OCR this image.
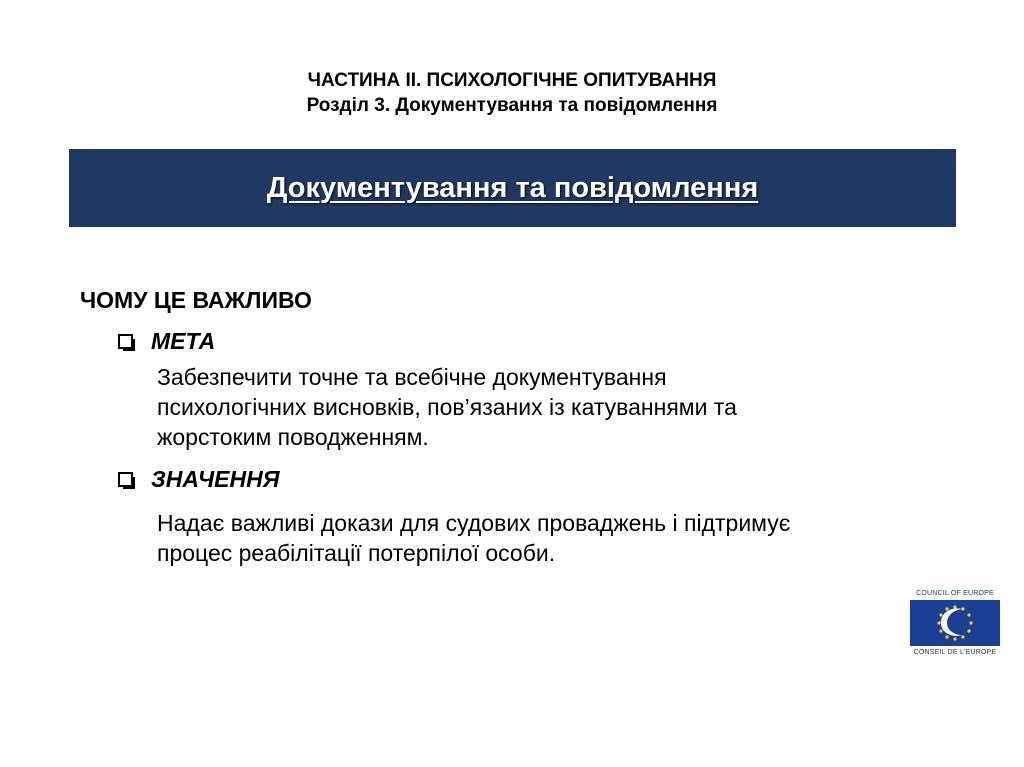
ЧАСТИНА ІІ. ПСИХОЛОГІЧНЕ ОПИТУВАННЯ
Розділ 3. Документування та повідомлення
Документування та повідомлення
ЧОМУ ЦЕ ВАЖЛИВО
МЕТА
Забезпечити точне та всебічне документування
психологічних висновків, пов’язаних із катуваннями та
жорстоким поводженням.
ЗНАЧЕННЯ
Надає важливі докази для судових проваджень і підтримує
процес реабілітації потерпілої особи.
COUNCIL OF EUROPE
CONSEIL DE L'EUROPE
